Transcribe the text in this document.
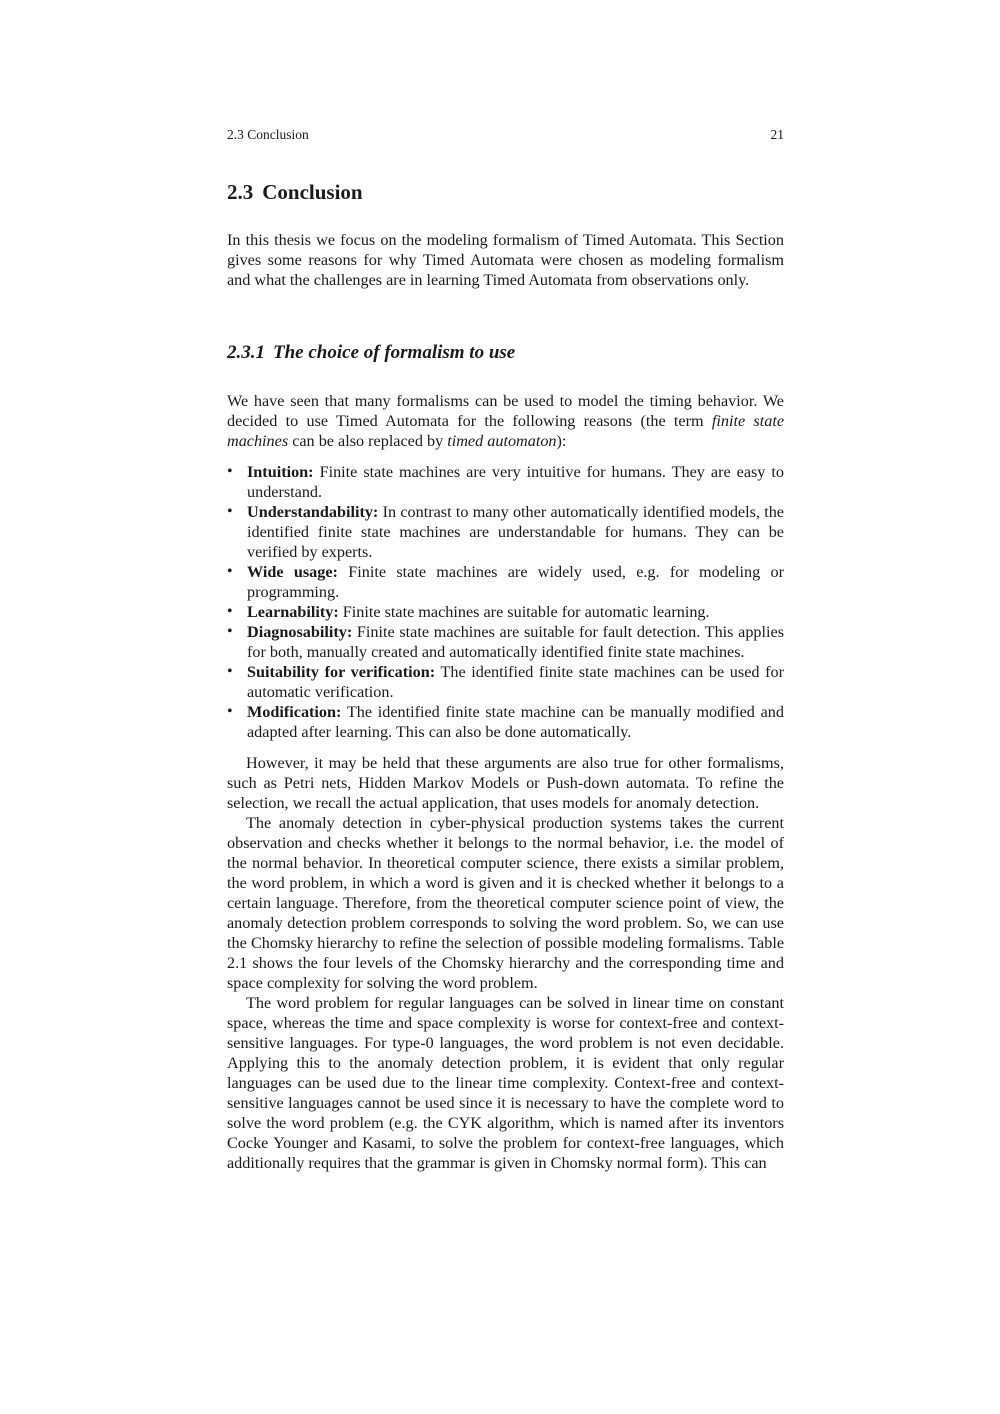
2.3 Conclusion	21
2.3 Conclusion

In this thesis we focus on the modeling formalism of Timed Automata. This Section gives some reasons for why Timed Automata were chosen as modeling formalism and what the challenges are in learning Timed Automata from observations only.

2.3.1 The choice of formalism to use

We have seen that many formalisms can be used to model the timing behavior. We decided to use Timed Automata for the following reasons (the term finite state machines can be also replaced by timed automaton):

• Intuition: Finite state machines are very intuitive for humans. They are easy to understand.
• Understandability: In contrast to many other automatically identified models, the identified finite state machines are understandable for humans. They can be verified by experts.
• Wide usage: Finite state machines are widely used, e.g. for modeling or programming.
• Learnability: Finite state machines are suitable for automatic learning.
• Diagnosability: Finite state machines are suitable for fault detection. This applies for both, manually created and automatically identified finite state machines.
• Suitability for verification: The identified finite state machines can be used for automatic verification.
• Modification: The identified finite state machine can be manually modified and adapted after learning. This can also be done automatically.

However, it may be held that these arguments are also true for other formalisms, such as Petri nets, Hidden Markov Models or Push-down automata. To refine the selection, we recall the actual application, that uses models for anomaly detection.

The anomaly detection in cyber-physical production systems takes the current observation and checks whether it belongs to the normal behavior, i.e. the model of the normal behavior. In theoretical computer science, there exists a similar problem, the word problem, in which a word is given and it is checked whether it belongs to a certain language. Therefore, from the theoretical computer science point of view, the anomaly detection problem corresponds to solving the word problem. So, we can use the Chomsky hierarchy to refine the selection of possible modeling formalisms. Table 2.1 shows the four levels of the Chomsky hierarchy and the corresponding time and space complexity for solving the word problem.

The word problem for regular languages can be solved in linear time on constant space, whereas the time and space complexity is worse for context-free and context-sensitive languages. For type-0 languages, the word problem is not even decidable. Applying this to the anomaly detection problem, it is evident that only regular languages can be used due to the linear time complexity. Context-free and context-sensitive languages cannot be used since it is necessary to have the complete word to solve the word problem (e.g. the CYK algorithm, which is named after its inventors Cocke Younger and Kasami, to solve the problem for context-free languages, which additionally requires that the grammar is given in Chomsky normal form). This can
